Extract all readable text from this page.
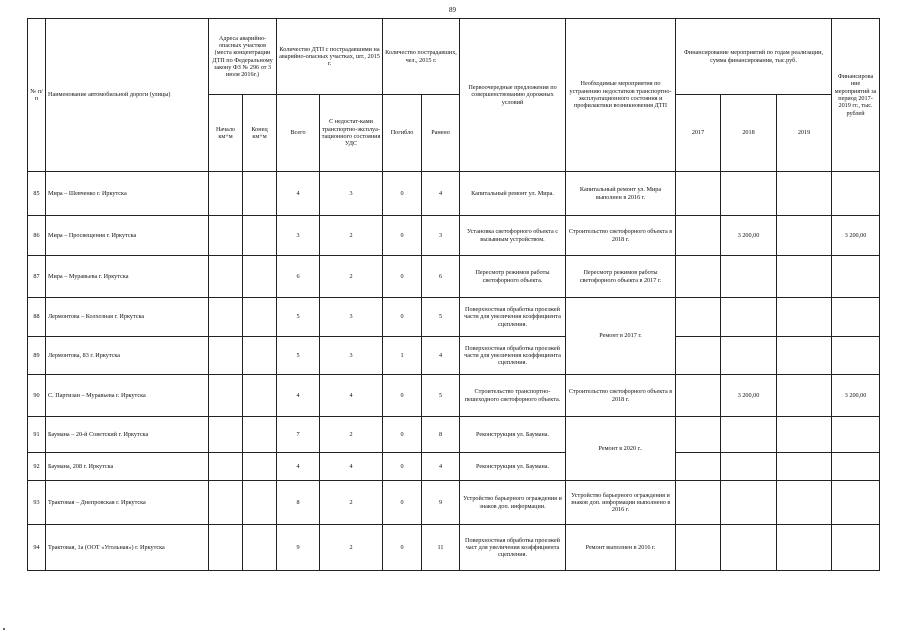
89
№ п/п	Наименование автомобильной дороги (улицы)	Адреса аварийно-опасных участков (места концентрации ДТП по Федеральному закону ФЗ № 296 от 3 июля 2016г.)		Количество ДТП с пострадавшими на аварийно-опасных участках, шт., 2015 г.		Количество пострадавших, чел., 2015 г.		Первоочередные предложения по совершенствованию дорожных условий	Необходимые мероприятия по устранению недостатков транспортно-эксплуатационного состояния и профилактики возникновения ДТП	Финансирование мероприятий по годам реализации, сумма финансирования, тыс.руб.			Финансирова ние мероприятий за период 2017-2019 гг., тыс. рублей
		Начало км+м	Конец км+м	Всего	С недостат-ками транспортно-эксплуа-тационного состояния УДС	Погибло	Ранено			2017	2018	2019	
85	Мира – Шевченко г. Иркутска			4	3	0	4	Капитальный ремонт ул. Мира.	Капитальный ремонт ул. Мира выполнен в 2016 г.				
86	Мира – Просвещения г. Иркутска			3	2	0	3	Установка светофорного объекта с вызывным устройством.	Строительство светофорного объекта в 2018 г.		3 200,00		3 200,00
87	Мира – Муравьева г. Иркутска			6	2	0	6	Пересмотр режимов работы светофорного объекта.	Пересмотр режимов работы светофорного объекта в 2017 г.				
88	Лермонтова – Колхозная г. Иркутска			5	3	0	5	Поверхностная обработка проезжей части для увеличения коэффициента сцепления.	Ремонт в 2017 г.				
89	Лермонтова, 83 г. Иркутска			5	3	1	4	Поверхностная обработка проезжей части для увеличения коэффициента сцепления.					
90	С. Партизан – Муравьева г. Иркутска			4	4	0	5	Строительство транспортно- пешеходного светофорного объекта.	Строительство светофорного объекта в 2018 г.		3 200,00		3 200,00
91	Баумана – 20-й Советский г. Иркутска			7	2	0	8	Реконструкция ул. Баумана.	Ремонт в 2020 г..				
92	Баумана, 208 г. Иркутска			4	4	0	4	Реконструкция ул. Баумана.					
93	Трактовая – Днепровская г. Иркутска			8	2	0	9	Устройство барьерного ограждения и знаков доп. информации.	Устройство барьерного ограждения и знаков доп. информации выполнено в 2016 г.				
94	Трактовая, 1а (ООТ «Угольная») г. Иркутска			9	2	0	11	Поверхностная обработка проезжей част для увеличения коэффициента сцепления.	Ремонт выполнен в 2016 г.				
